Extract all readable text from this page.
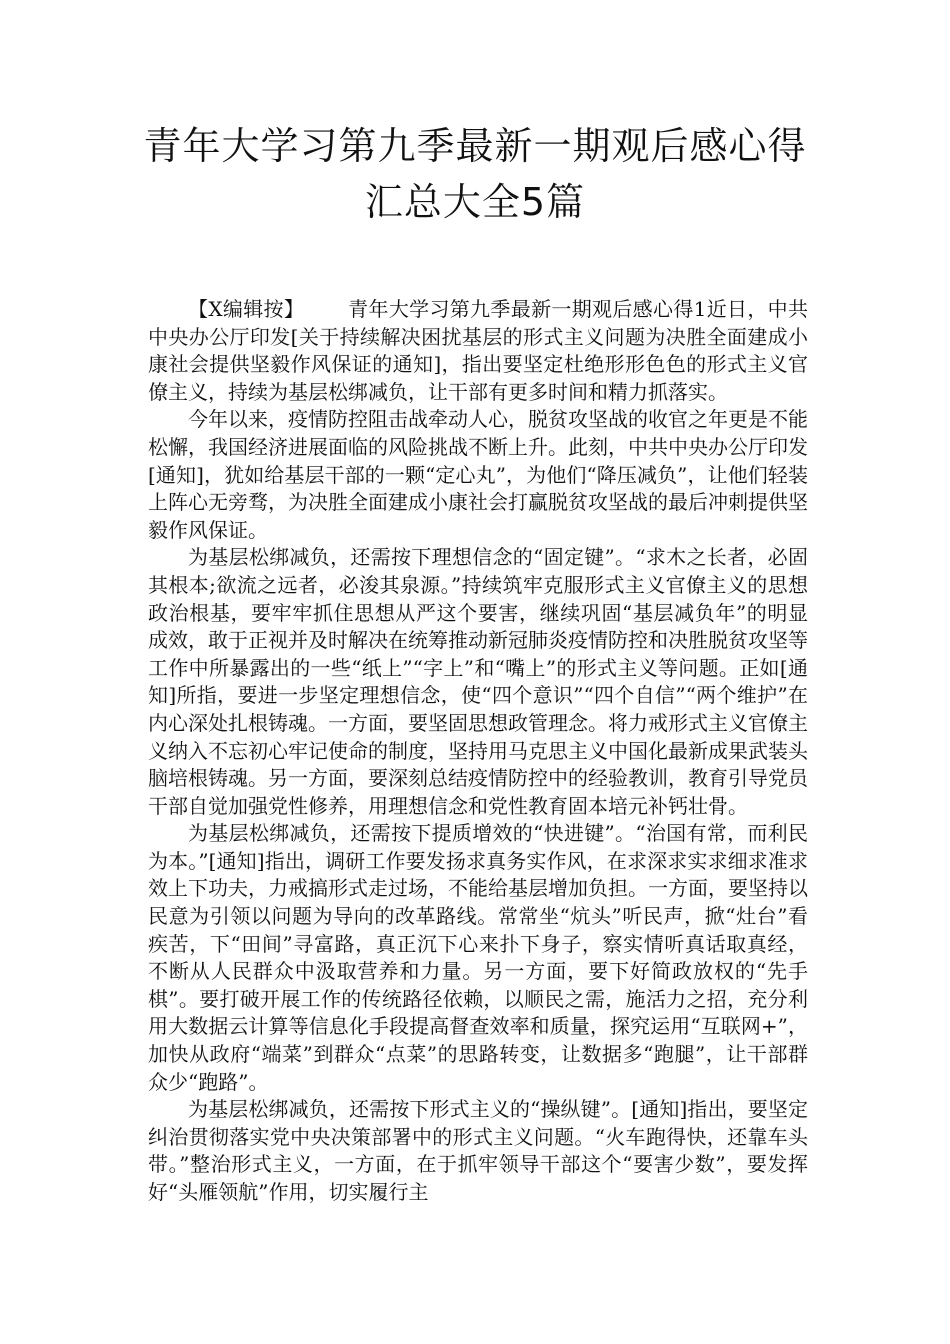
青年大学习第九季最新一期观后感心得
汇总大全5篇

【X编辑按】 青年大学习第九季最新一期观后感心得1近日，中共中央办公厅印发[关于持续解决困扰基层的形式主义问题为决胜全面建成小康社会提供坚毅作风保证的通知]，指出要坚定杜绝形形色色的形式主义官僚主义，持续为基层松绑减负，让干部有更多时间和精力抓落实。

今年以来，疫情防控阻击战牵动人心，脱贫攻坚战的收官之年更是不能松懈，我国经济进展面临的风险挑战不断上升。此刻，中共中央办公厅印发[通知]，犹如给基层干部的一颗“定心丸”，为他们“降压减负”，让他们轻装上阵心无旁骛，为决胜全面建成小康社会打赢脱贫攻坚战的最后冲刺提供坚毅作风保证。

为基层松绑减负，还需按下理想信念的“固定键”。“求木之长者，必固其根本;欲流之远者，必浚其泉源。”持续筑牢克服形式主义官僚主义的思想政治根基，要牢牢抓住思想从严这个要害，继续巩固“基层减负年”的明显成效，敢于正视并及时解决在统筹推动新冠肺炎疫情防控和决胜脱贫攻坚等工作中所暴露出的一些“纸上”“字上”和“嘴上”的形式主义等问题。正如[通知]所指，要进一步坚定理想信念，使“四个意识”“四个自信”“两个维护”在内心深处扎根铸魂。一方面，要坚固思想政管理念。将力戒形式主义官僚主义纳入不忘初心牢记使命的制度，坚持用马克思主义中国化最新成果武装头脑培根铸魂。另一方面，要深刻总结疫情防控中的经验教训，教育引导党员干部自觉加强党性修养，用理想信念和党性教育固本培元补钙壮骨。

为基层松绑减负，还需按下提质增效的“快进键”。“治国有常，而利民为本。”[通知]指出，调研工作要发扬求真务实作风，在求深求实求细求准求效上下功夫，力戒搞形式走过场，不能给基层增加负担。一方面，要坚持以民意为引领以问题为导向的改革路线。常常坐“炕头”听民声，掀“灶台”看疾苦，下“田间”寻富路，真正沉下心来扑下身子，察实情听真话取真经，不断从人民群众中汲取营养和力量。另一方面，要下好简政放权的“先手棋”。要打破开展工作的传统路径依赖，以顺民之需，施活力之招，充分利用大数据云计算等信息化手段提高督查效率和质量，探究运用“互联网+”，加快从政府“端菜”到群众“点菜”的思路转变，让数据多“跑腿”，让干部群众少“跑路”。

为基层松绑减负，还需按下形式主义的“操纵键”。[通知]指出，要坚定纠治贯彻落实党中央决策部署中的形式主义问题。“火车跑得快，还靠车头带。”整治形式主义，一方面，在于抓牢领导干部这个“要害少数”，要发挥好“头雁领航”作用，切实履行主
